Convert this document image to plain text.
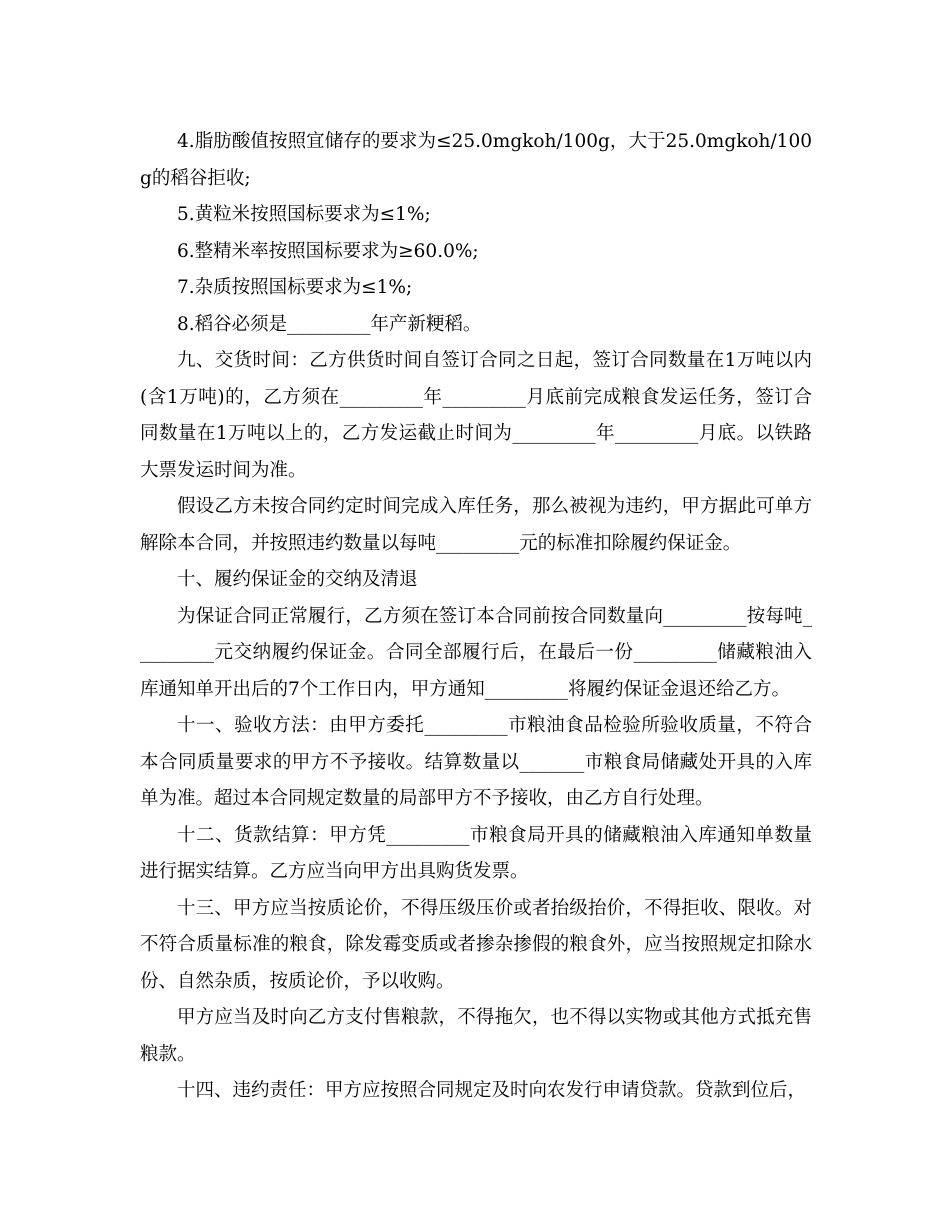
4.脂肪酸值按照宜储存的要求为≤25.0mgkoh/100g，大于25.0mgkoh/100g的稻谷拒收;

5.黄粒米按照国标要求为≤1%;

6.整精米率按照国标要求为≥60.0%;

7.杂质按照国标要求为≤1%;

8.稻谷必须是_________年产新粳稻。

九、交货时间：乙方供货时间自签订合同之日起，签订合同数量在1万吨以内(含1万吨)的，乙方须在_________年_________月底前完成粮食发运任务，签订合同数量在1万吨以上的，乙方发运截止时间为_________年_________月底。以铁路大票发运时间为准。

假设乙方未按合同约定时间完成入库任务，那么被视为违约，甲方据此可单方解除本合同，并按照违约数量以每吨_________元的标准扣除履约保证金。

十、履约保证金的交纳及清退

为保证合同正常履行，乙方须在签订本合同前按合同数量向_________按每吨_________元交纳履约保证金。合同全部履行后，在最后一份_________储藏粮油入库通知单开出后的7个工作日内，甲方通知_________将履约保证金退还给乙方。

十一、验收方法：由甲方委托_________市粮油食品检验所验收质量，不符合本合同质量要求的甲方不予接收。结算数量以_______市粮食局储藏处开具的入库单为准。超过本合同规定数量的局部甲方不予接收，由乙方自行处理。

十二、货款结算：甲方凭_________市粮食局开具的储藏粮油入库通知单数量进行据实结算。乙方应当向甲方出具购货发票。

十三、甲方应当按质论价，不得压级压价或者抬级抬价，不得拒收、限收。对不符合质量标准的粮食，除发霉变质或者掺杂掺假的粮食外，应当按照规定扣除水份、自然杂质，按质论价，予以收购。

甲方应当及时向乙方支付售粮款，不得拖欠，也不得以实物或其他方式抵充售粮款。

十四、违约责任：甲方应按照合同规定及时向农发行申请贷款。贷款到位后，
